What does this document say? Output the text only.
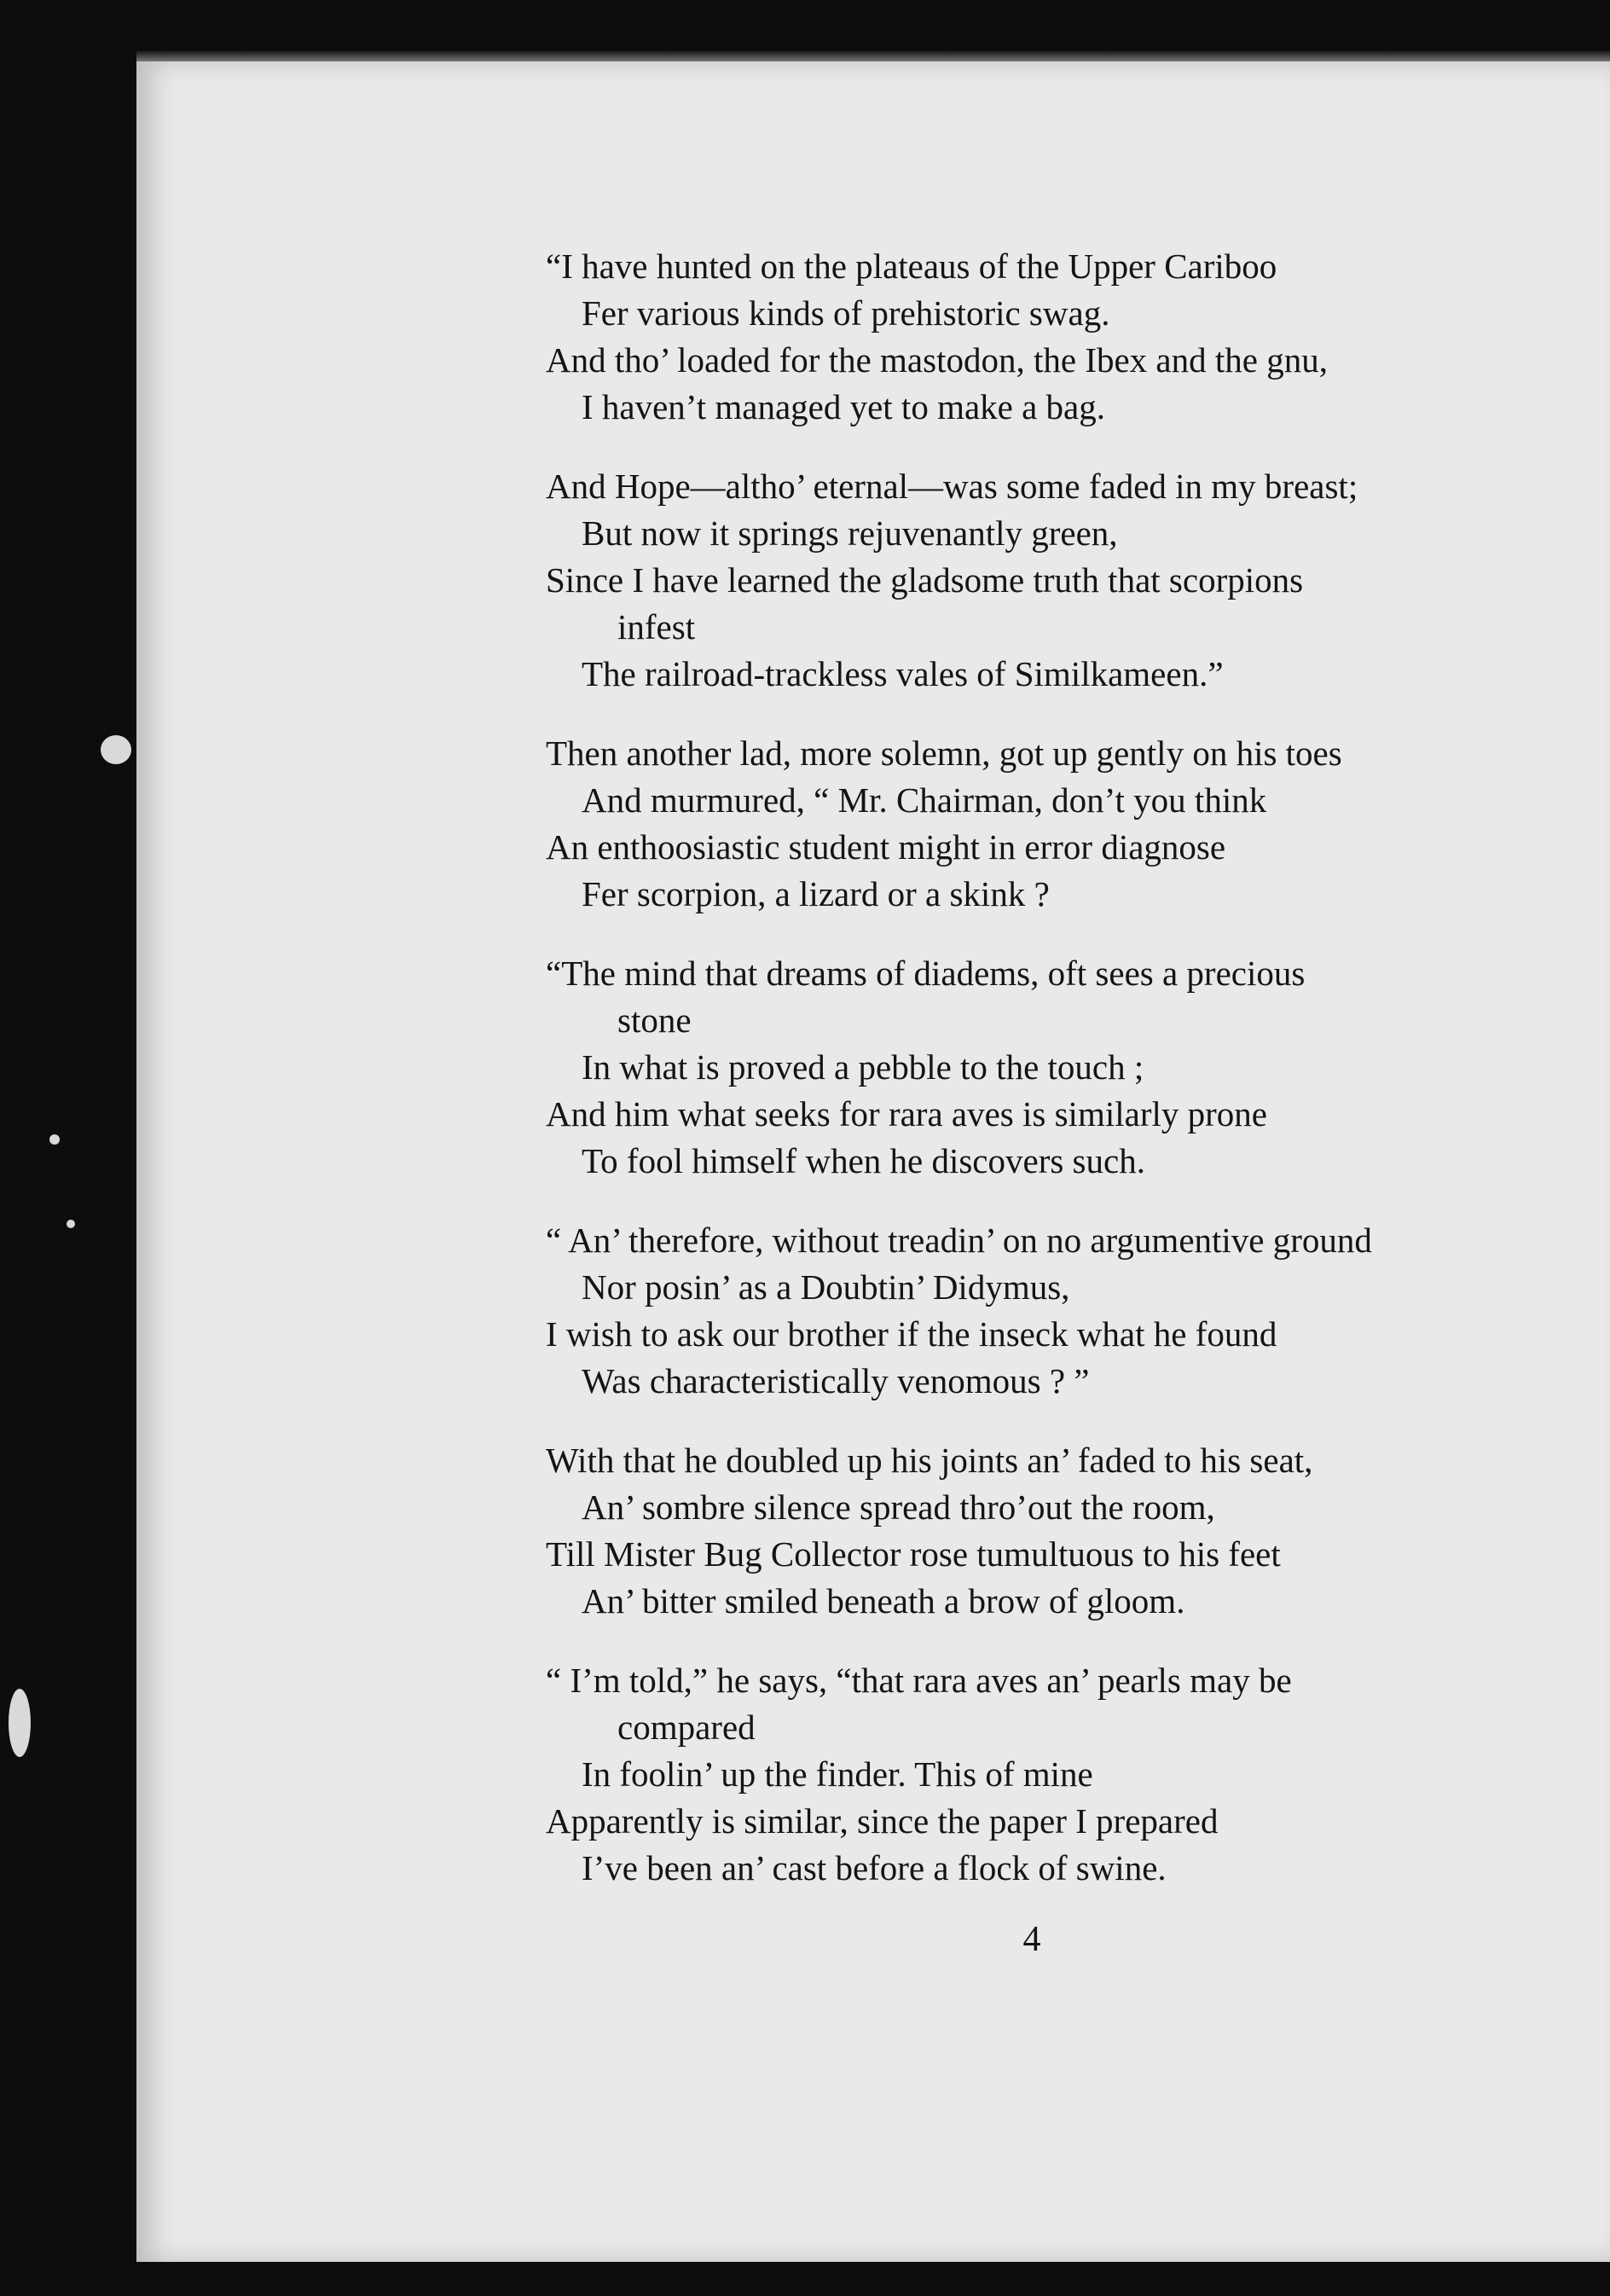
“I have hunted on the plateaus of the Upper Cariboo
Fer various kinds of prehistoric swag.
And tho’ loaded for the mastodon, the Ibex and the gnu,
I haven’t managed yet to make a bag.
And Hope—altho’ eternal—was some faded in my breast;
But now it springs rejuvenantly green,
Since I have learned the gladsome truth that scorpions
infest
The railroad-trackless vales of Similkameen.”
Then another lad, more solemn, got up gently on his toes
And murmured, “ Mr. Chairman, don’t you think
An enthoosiastic student might in error diagnose
Fer scorpion, a lizard or a skink ?
“The mind that dreams of diadems, oft sees a precious
stone
In what is proved a pebble to the touch ;
And him what seeks for rara aves is similarly prone
To fool himself when he discovers such.
“ An’ therefore, without treadin’ on no argumentive ground
Nor posin’ as a Doubtin’ Didymus,
I wish to ask our brother if the inseck what he found
Was characteristically venomous ? ”
With that he doubled up his joints an’ faded to his seat,
An’ sombre silence spread thro’out the room,
Till Mister Bug Collector rose tumultuous to his feet
An’ bitter smiled beneath a brow of gloom.
“ I’m told,” he says, “that rara aves an’ pearls may be
compared
In foolin’ up the finder. This of mine
Apparently is similar, since the paper I prepared
I’ve been an’ cast before a flock of swine.
4
